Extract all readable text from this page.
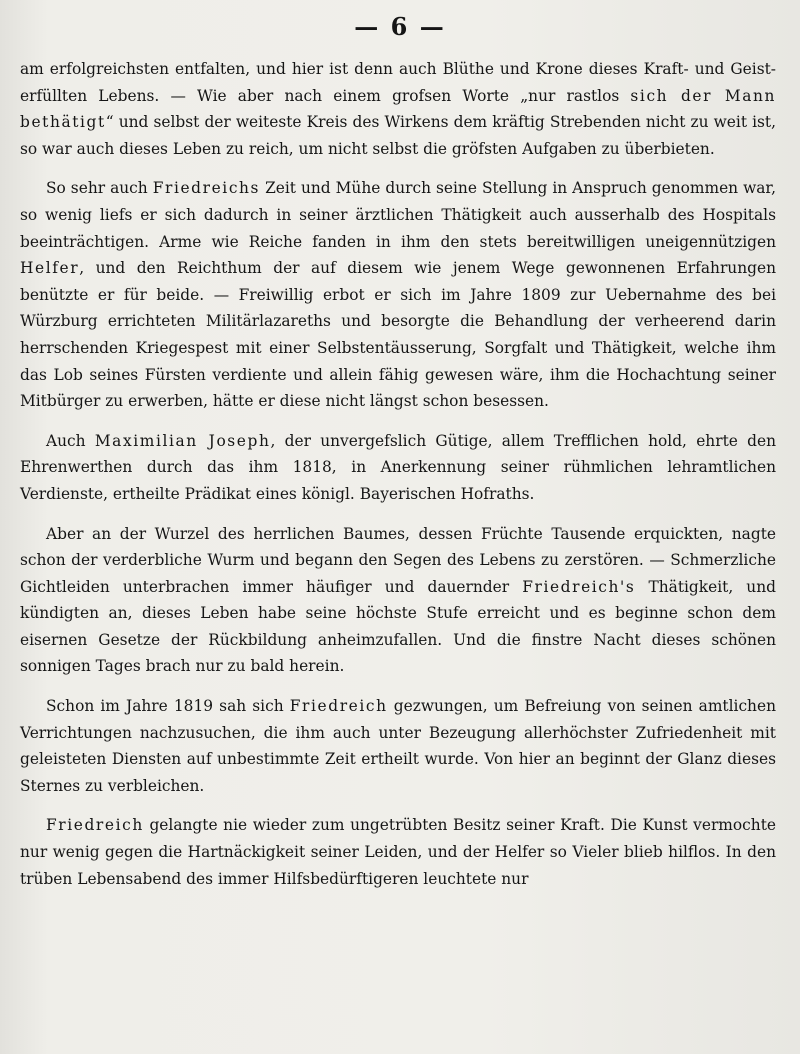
— 6 —

am erfolgreichsten entfalten, und hier ist denn auch Blüthe und Krone dieses Kraft- und Geist-erfüllten Lebens. — Wie aber nach einem grofsen Worte „nur rastlos sich der Mann bethätigt“ und selbst der weiteste Kreis des Wirkens dem kräftig Strebenden nicht zu weit ist, so war auch dieses Leben zu reich, um nicht selbst die gröfsten Aufgaben zu überbieten.

So sehr auch Friedreichs Zeit und Mühe durch seine Stellung in Anspruch genommen war, so wenig liefs er sich dadurch in seiner ärztlichen Thätigkeit auch ausserhalb des Hospitals beeinträchtigen. Arme wie Reiche fanden in ihm den stets bereitwilligen uneigennützigen Helfer, und den Reichthum der auf diesem wie jenem Wege gewonnenen Erfahrungen benützte er für beide. — Freiwillig erbot er sich im Jahre 1809 zur Uebernahme des bei Würzburg errichteten Militärlazareths und besorgte die Behandlung der verheerend darin herrschenden Kriegespest mit einer Selbstentäusserung, Sorgfalt und Thätigkeit, welche ihm das Lob seines Fürsten verdiente und allein fähig gewesen wäre, ihm die Hochachtung seiner Mitbürger zu erwerben, hätte er diese nicht längst schon besessen.

Auch Maximilian Joseph, der unvergefslich Gütige, allem Trefflichen hold, ehrte den Ehrenwerthen durch das ihm 1818, in Anerkennung seiner rühmlichen lehramtlichen Verdienste, ertheilte Prädikat eines königl. Bayerischen Hofraths.

Aber an der Wurzel des herrlichen Baumes, dessen Früchte Tausende erquickten, nagte schon der verderbliche Wurm und begann den Segen des Lebens zu zerstören. — Schmerzliche Gichtleiden unterbrachen immer häufiger und dauernder Friedreich's Thätigkeit, und kündigten an, dieses Leben habe seine höchste Stufe erreicht und es beginne schon dem eisernen Gesetze der Rückbildung anheimzufallen. Und die finstre Nacht dieses schönen sonnigen Tages brach nur zu bald herein.

Schon im Jahre 1819 sah sich Friedreich gezwungen, um Befreiung von seinen amtlichen Verrichtungen nachzusuchen, die ihm auch unter Bezeugung allerhöchster Zufriedenheit mit geleisteten Diensten auf unbestimmte Zeit ertheilt wurde. Von hier an beginnt der Glanz dieses Sternes zu verbleichen.

Friedreich gelangte nie wieder zum ungetrübten Besitz seiner Kraft. Die Kunst vermochte nur wenig gegen die Hartnäckigkeit seiner Leiden, und der Helfer so Vieler blieb hilflos. In den trüben Lebensabend des immer Hilfsbedürftigeren leuchtete nur
